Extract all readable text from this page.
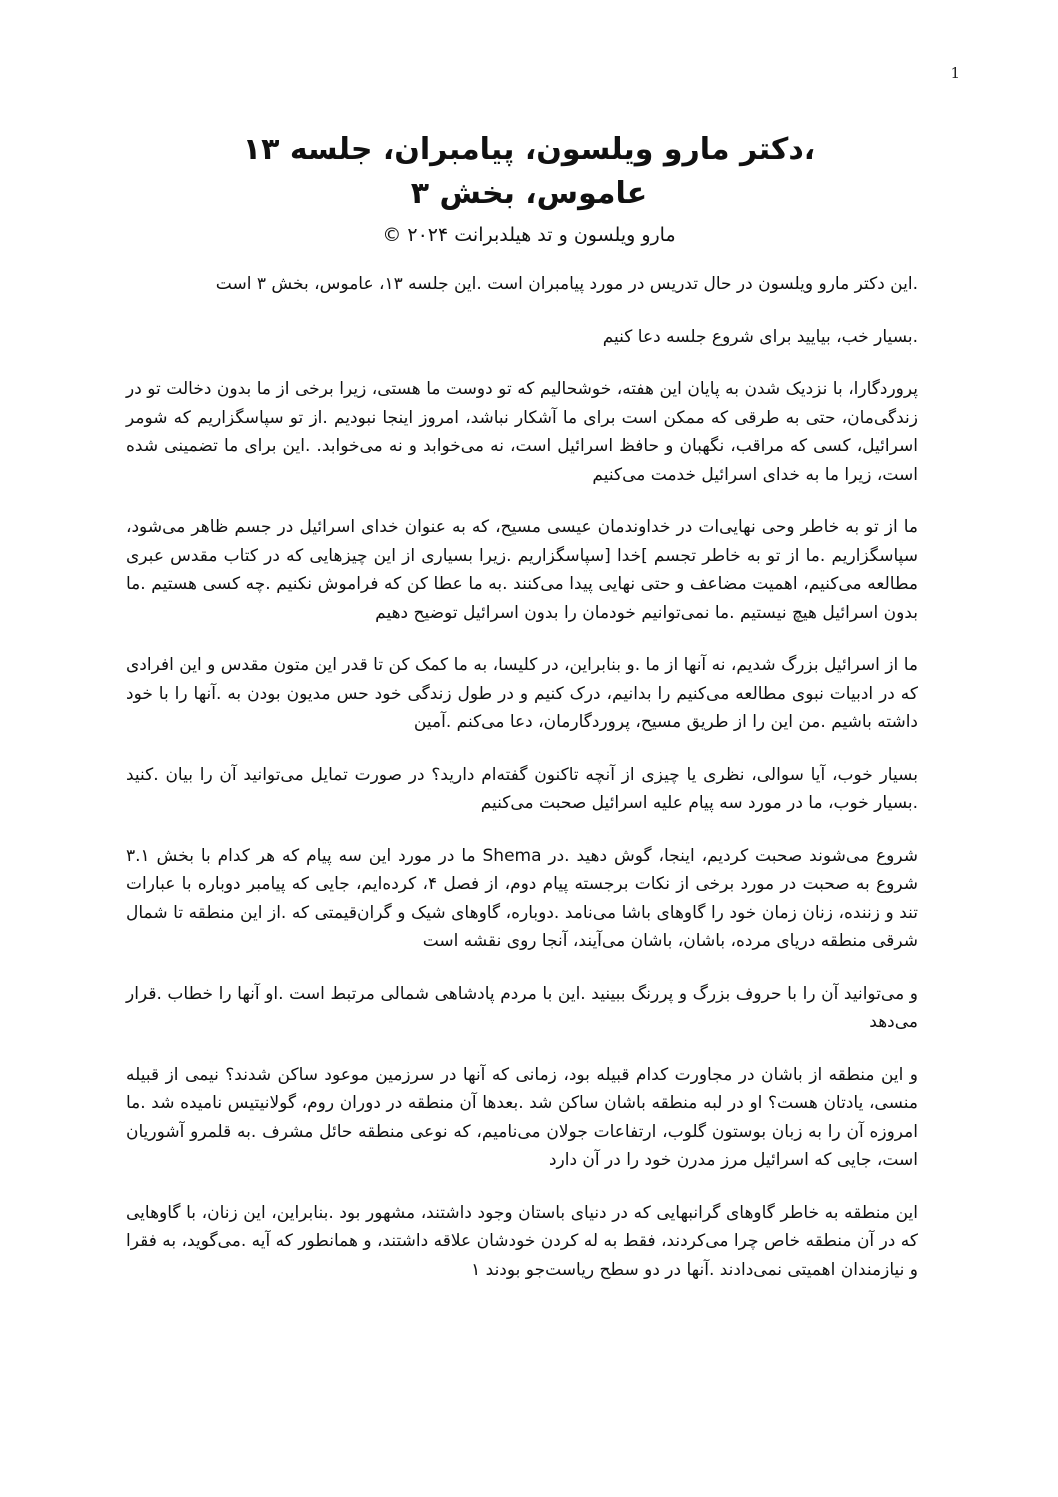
1

،دکتر مارو ویلسون، پیامبران، جلسه ۱۳

عاموس، بخش ۳

مارو ویلسون و تد هیلدبرانت ۲۰۲۴ ©

.این دکتر مارو ویلسون در حال تدریس در مورد پیامبران است .این جلسه ۱۳، عاموس، بخش ۳ است

.بسیار خب، بیایید برای شروع جلسه دعا کنیم

پروردگارا، با نزدیک شدن به پایان این هفته، خوشحالیم که تو دوست ما هستی، زیرا برخی از ما بدون دخالت تو در زندگی‌مان، حتی به طرقی که ممکن است برای ما آشکار نباشد، امروز اینجا نبودیم .از تو سپاسگزاریم که شومر اسرائیل، کسی که مراقب، نگهبان و حافظ اسرائیل است، نه می‌خوابد و نه می‌خوابد. .این برای ما تضمینی شده است، زیرا ما به خدای اسرائیل خدمت می‌کنیم

ما از تو به خاطر وحی نهایی‌ات در خداوندمان عیسی مسیح، که به عنوان خدای اسرائیل در جسم ظاهر می‌شود، سپاسگزاریم .ما از تو به خاطر تجسم ]خدا [سپاسگزاریم .زیرا بسیاری از این چیزهایی که در کتاب مقدس عبری مطالعه می‌کنیم، اهمیت مضاعف و حتی نهایی پیدا می‌کنند .به ما عطا کن که فراموش نکنیم .چه کسی هستیم .ما بدون اسرائیل هیچ نیستیم .ما نمی‌توانیم خودمان را بدون اسرائیل توضیح دهیم

ما از اسرائیل بزرگ شدیم، نه آنها از ما .و بنابراین، در کلیسا، به ما کمک کن تا قدر این متون مقدس و این افرادی که در ادبیات نبوی مطالعه می‌کنیم را بدانیم، درک کنیم و در طول زندگی خود حس مدیون بودن به .آنها را با خود داشته باشیم .من این را از طریق مسیح، پروردگارمان، دعا می‌کنم .آمین

بسیار خوب، آیا سوالی، نظری یا چیزی از آنچه تاکنون گفته‌ام دارید؟ در صورت تمایل می‌توانید آن را بیان .کنید .بسیار خوب، ما در مورد سه پیام علیه اسرائیل صحبت می‌کنیم

شروع می‌شوند صحبت کردیم، اینجا، گوش دهید .در Shema ما در مورد این سه پیام که هر کدام با بخش ۳.۱ شروع به صحبت در مورد برخی از نکات برجسته پیام دوم، از فصل ۴، کرده‌ایم، جایی که پیامبر دوباره با عبارات تند و زننده، زنان زمان خود را گاوهای باشا می‌نامد .دوباره، گاوهای شیک و گران‌قیمتی که .از این منطقه تا شمال شرقی منطقه دریای مرده، باشان، باشان می‌آیند، آنجا روی نقشه است

و می‌توانید آن را با حروف بزرگ و پررنگ ببینید .این با مردم پادشاهی شمالی مرتبط است .او آنها را خطاب .قرار می‌دهد

و این منطقه از باشان در مجاورت کدام قبیله بود، زمانی که آنها در سرزمین موعود ساکن شدند؟ نیمی از قبیله منسی، یادتان هست؟ او در لبه منطقه باشان ساکن شد .بعدها آن منطقه در دوران روم، گولانیتیس نامیده شد .ما امروزه آن را به زبان بوستون گلوب، ارتفاعات جولان می‌نامیم، که نوعی منطقه حائل مشرف .به قلمرو آشوریان است، جایی که اسرائیل مرز مدرن خود را در آن دارد

این منطقه به خاطر گاوهای گرانبهایی که در دنیای باستان وجود داشتند، مشهور بود .بنابراین، این زنان، با گاوهایی که در آن منطقه خاص چرا می‌کردند، فقط به له کردن خودشان علاقه داشتند، و همانطور که آیه .می‌گوید، به فقرا و نیازمندان اهمیتی نمی‌دادند .آنها در دو سطح ریاست‌جو بودند ۱
